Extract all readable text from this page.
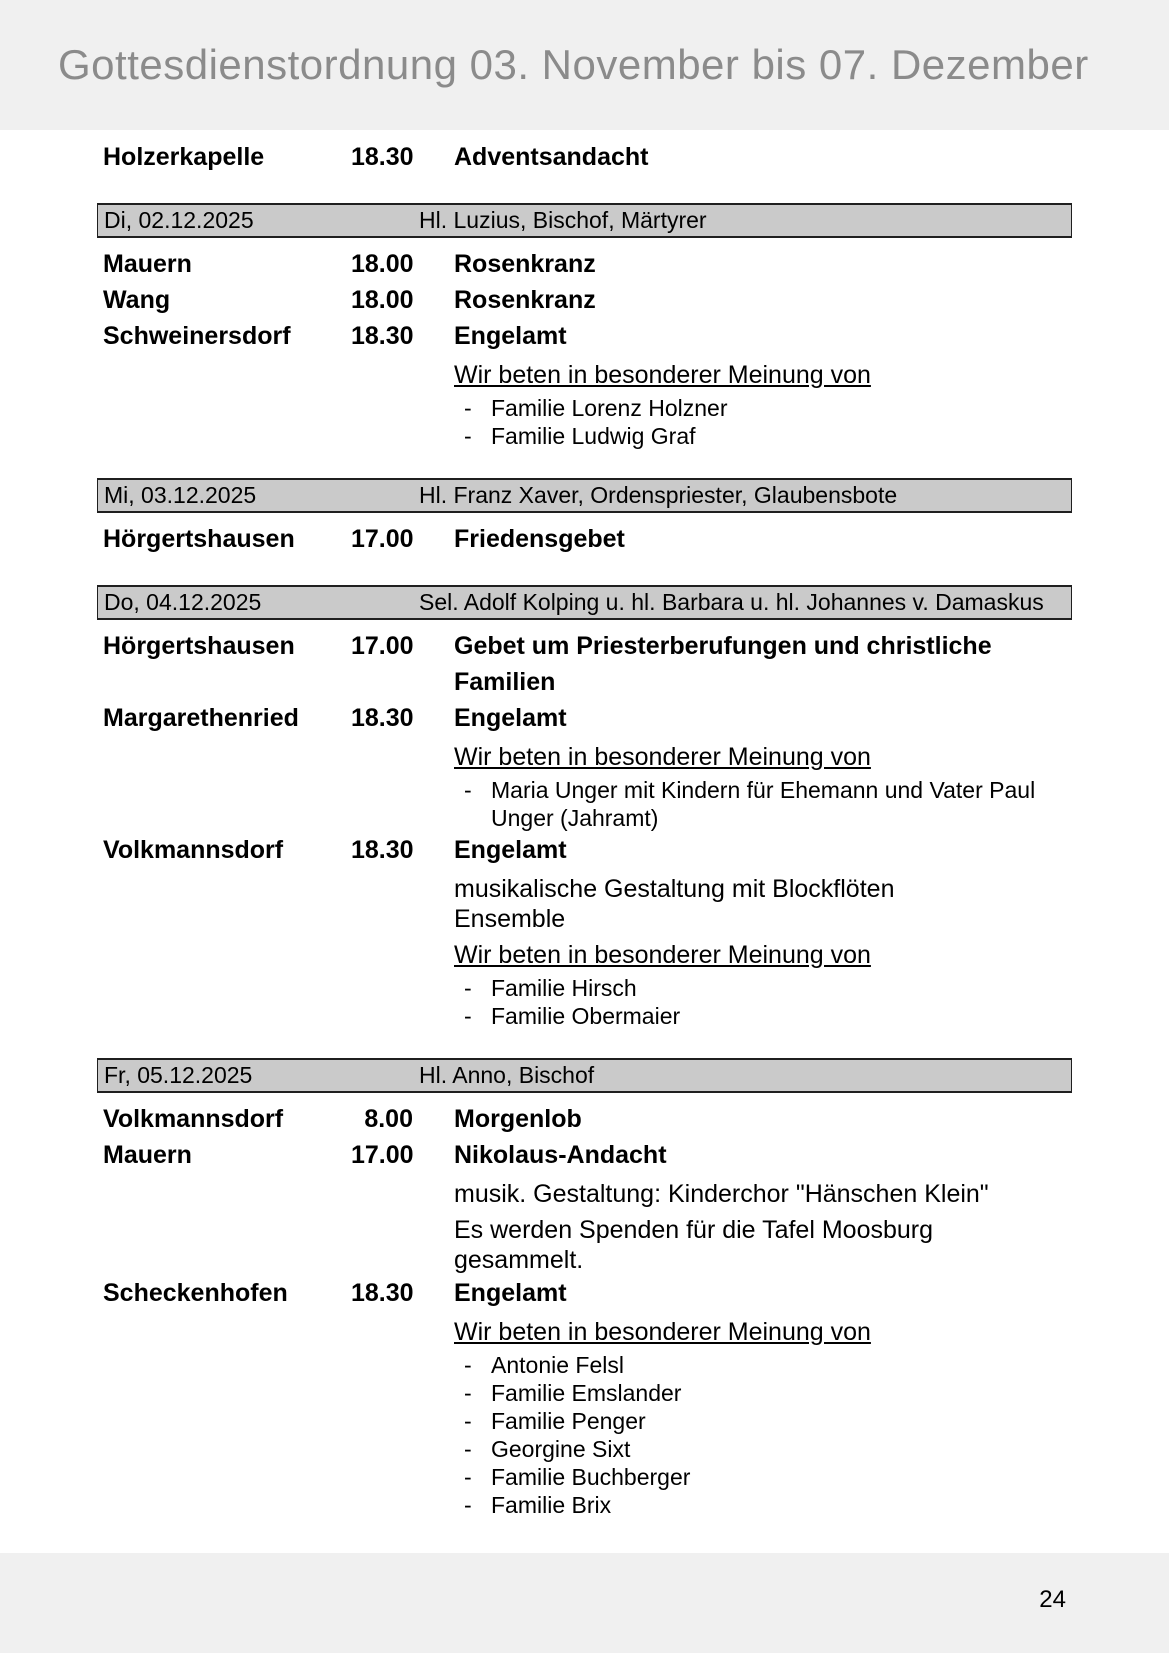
Gottesdienstordnung 03. November bis 07. Dezember
Holzerkapelle	18.30 Adventsandacht
Di, 02.12.2025	Hl. Luzius, Bischof, Märtyrer
Mauern	18.00 Rosenkranz
Wang	18.00 Rosenkranz
Schweinersdorf	18.30 Engelamt
Wir beten in besonderer Meinung von
- Familie Lorenz Holzner
- Familie Ludwig Graf
Mi, 03.12.2025	Hl. Franz Xaver, Ordenspriester, Glaubensbote
Hörgertshausen	17.00 Friedensgebet
Do, 04.12.2025	Sel. Adolf Kolping u. hl. Barbara u. hl. Johannes v. Damaskus
Hörgertshausen	17.00 Gebet um Priesterberufungen und christliche Familien
Margarethenried	18.30 Engelamt
Wir beten in besonderer Meinung von
- Maria Unger mit Kindern für Ehemann und Vater Paul Unger (Jahramt)
Volkmannsdorf	18.30 Engelamt
musikalische Gestaltung mit Blockflöten
Ensemble
Wir beten in besonderer Meinung von
- Familie Hirsch
- Familie Obermaier
Fr, 05.12.2025	Hl. Anno, Bischof
Volkmannsdorf	8.00 Morgenlob
Mauern	17.00 Nikolaus-Andacht
musik. Gestaltung: Kinderchor "Hänschen Klein"
Es werden Spenden für die Tafel Moosburg
gesammelt.
Scheckenhofen	18.30 Engelamt
Wir beten in besonderer Meinung von
- Antonie Felsl
- Familie Emslander
- Familie Penger
- Georgine Sixt
- Familie Buchberger
- Familie Brix
24
